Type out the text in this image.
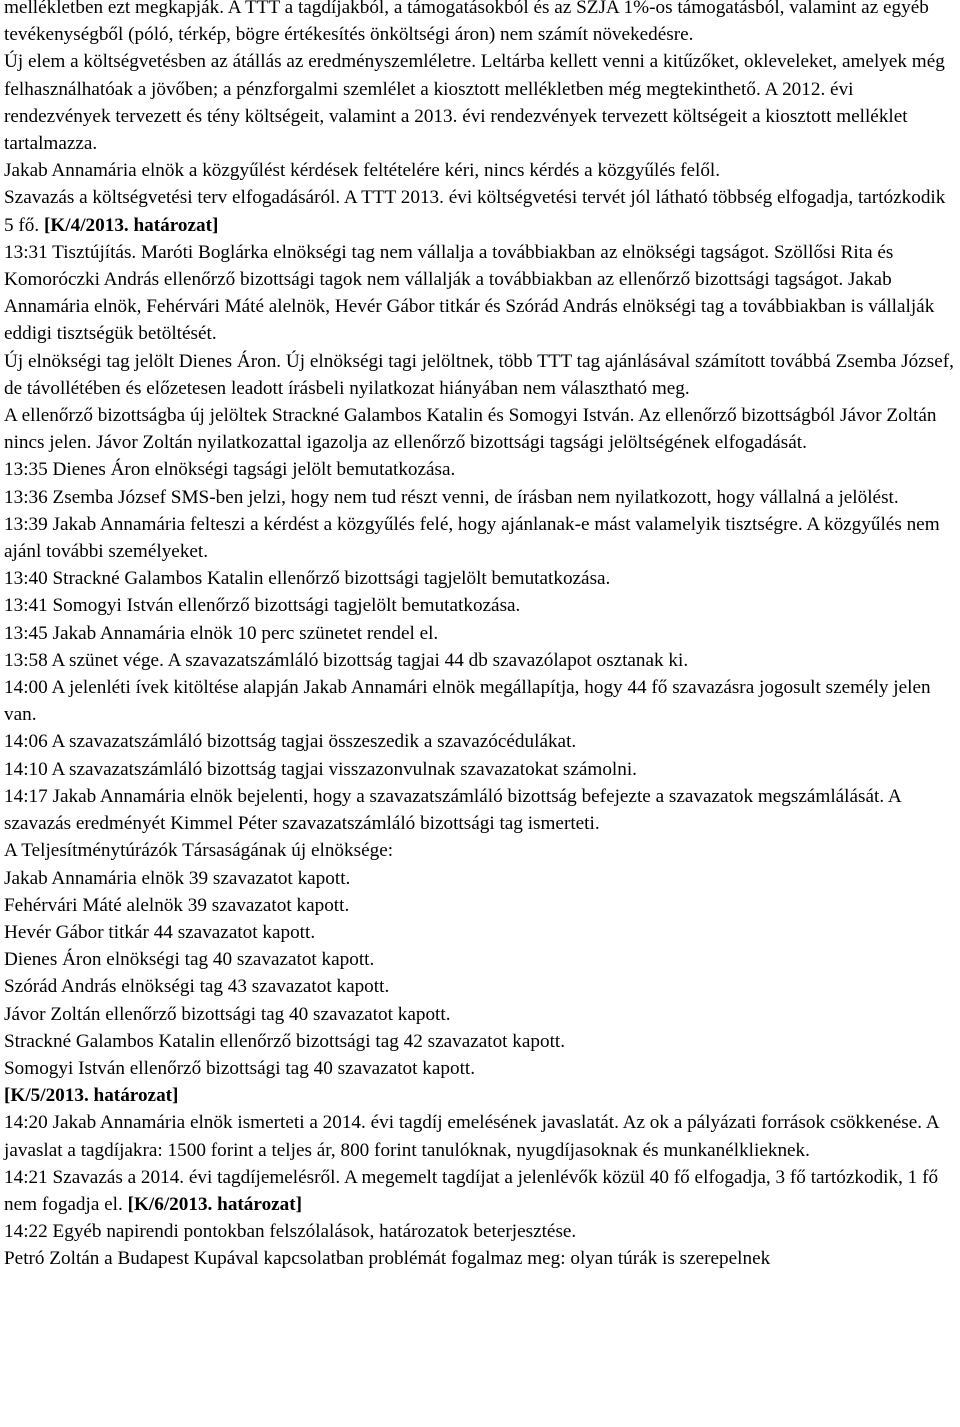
mellékletben ezt megkapják. A TTT a tagdíjakból, a támogatásokból és az SZJA 1%-os támogatásból, valamint az egyéb tevékenységből (póló, térkép, bögre értékesítés önköltségi áron) nem számít növekedésre.

Új elem a költségvetésben az átállás az eredményszemléletre. Leltárba kellett venni a kitűzőket, okleveleket, amelyek még felhasználhatóak a jövőben; a pénzforgalmi szemlélet a kiosztott mellékletben még megtekinthető. A 2012. évi rendezvények tervezett és tény költségeit, valamint a 2013. évi rendezvények tervezett költségeit a kiosztott melléklet tartalmazza.

Jakab Annamária elnök a közgyűlést kérdések feltételére kéri, nincs kérdés a közgyűlés felől.

Szavazás a költségvetési terv elfogadásáról. A TTT 2013. évi költségvetési tervét jól látható többség elfogadja, tartózkodik 5 fő. [K/4/2013. határozat]

13:31 Tisztújítás. Maróti Boglárka elnökségi tag nem vállalja a továbbiakban az elnökségi tagságot. Szöllősi Rita és Komoróczki András ellenőrző bizottsági tagok nem vállalják a továbbiakban az ellenőrző bizottsági tagságot. Jakab Annamária elnök, Fehérvári Máté alelnök, Hevér Gábor titkár és Szórád András elnökségi tag a továbbiakban is vállalják eddigi tisztségük betöltését.

Új elnökségi tag jelölt Dienes Áron. Új elnökségi tagi jelöltnek, több TTT tag ajánlásával számított továbbá Zsemba József, de távollétében és előzetesen leadott írásbeli nyilatkozat hiányában nem választható meg.

A ellenőrző bizottságba új jelöltek Strackné Galambos Katalin és Somogyi István. Az ellenőrző bizottságból Jávor Zoltán nincs jelen. Jávor Zoltán nyilatkozattal igazolja az ellenőrző bizottsági tagsági jelöltségének elfogadását.

13:35 Dienes Áron elnökségi tagsági jelölt bemutatkozása.

13:36 Zsemba József SMS-ben jelzi, hogy nem tud részt venni, de írásban nem nyilatkozott, hogy vállalná a jelölést.

13:39 Jakab Annamária felteszi a kérdést a közgyűlés felé, hogy ajánlanak-e mást valamelyik tisztségre. A közgyűlés nem ajánl további személyeket.

13:40 Strackné Galambos Katalin ellenőrző bizottsági tagjelölt bemutatkozása.

13:41 Somogyi István ellenőrző bizottsági tagjelölt bemutatkozása.

13:45 Jakab Annamária elnök 10 perc szünetet rendel el.

13:58 A szünet vége. A szavazatszámláló bizottság tagjai 44 db szavazólapot osztanak ki.

14:00 A jelenléti ívek kitöltése alapján Jakab Annamári elnök megállapítja, hogy 44 fő szavazásra jogosult személy jelen van.

14:06 A szavazatszámláló bizottság tagjai összeszedik a szavazócédulákat.

14:10 A szavazatszámláló bizottság tagjai visszazonvulnak szavazatokat számolni.

14:17 Jakab Annamária elnök bejelenti, hogy a szavazatszámláló bizottság befejezte a szavazatok megszámlálását. A szavazás eredményét Kimmel Péter szavazatszámláló bizottsági tag ismerteti.

A Teljesítménytúrázók Társaságának új elnöksége:

Jakab Annamária elnök 39 szavazatot kapott.

Fehérvári Máté alelnök 39 szavazatot kapott.

Hevér Gábor titkár 44 szavazatot kapott.

Dienes Áron elnökségi tag 40 szavazatot kapott.

Szórád András elnökségi tag 43 szavazatot kapott.

Jávor Zoltán ellenőrző bizottsági tag 40 szavazatot kapott.

Strackné Galambos Katalin ellenőrző bizottsági tag 42 szavazatot kapott.

Somogyi István ellenőrző bizottsági tag 40 szavazatot kapott.

[K/5/2013. határozat]

14:20 Jakab Annamária elnök ismerteti a 2014. évi tagdíj emelésének javaslatát. Az ok a pályázati források csökkenése. A javaslat a tagdíjakra: 1500 forint a teljes ár, 800 forint tanulóknak, nyugdíjasoknak és munkanélklieknek.

14:21 Szavazás a 2014. évi tagdíjemelésről. A megemelt tagdíjat a jelenlévők közül 40 fő elfogadja, 3 fő tartózkodik, 1 fő nem fogadja el. [K/6/2013. határozat]

14:22 Egyéb napirendi pontokban felszólalások, határozatok beterjesztése.

Petró Zoltán a Budapest Kupával kapcsolatban problémát fogalmaz meg: olyan túrák is szerepelnek
